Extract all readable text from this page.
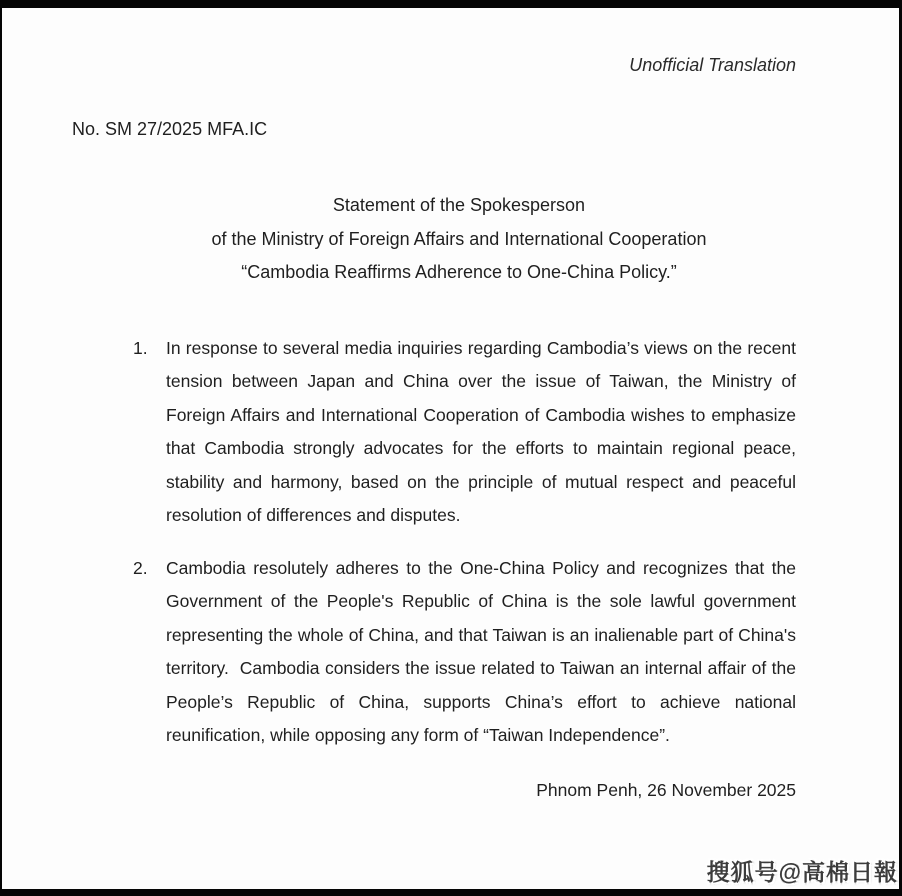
Unofficial Translation
No. SM 27/2025 MFA.IC
Statement of the Spokesperson
of the Ministry of Foreign Affairs and International Cooperation
“Cambodia Reaffirms Adherence to One-China Policy.”
1.	In response to several media inquiries regarding Cambodia’s views on the recent tension between Japan and China over the issue of Taiwan, the Ministry of Foreign Affairs and International Cooperation of Cambodia wishes to emphasize that Cambodia strongly advocates for the efforts to maintain regional peace, stability and harmony, based on the principle of mutual respect and peaceful resolution of differences and disputes.
2.	Cambodia resolutely adheres to the One-China Policy and recognizes that the Government of the People's Republic of China is the sole lawful government representing the whole of China, and that Taiwan is an inalienable part of China's territory.  Cambodia considers the issue related to Taiwan an internal affair of the People’s Republic of China, supports China’s effort to achieve national reunification, while opposing any form of “Taiwan Independence”.
Phnom Penh, 26 November 2025
搜狐号@高棉日報
